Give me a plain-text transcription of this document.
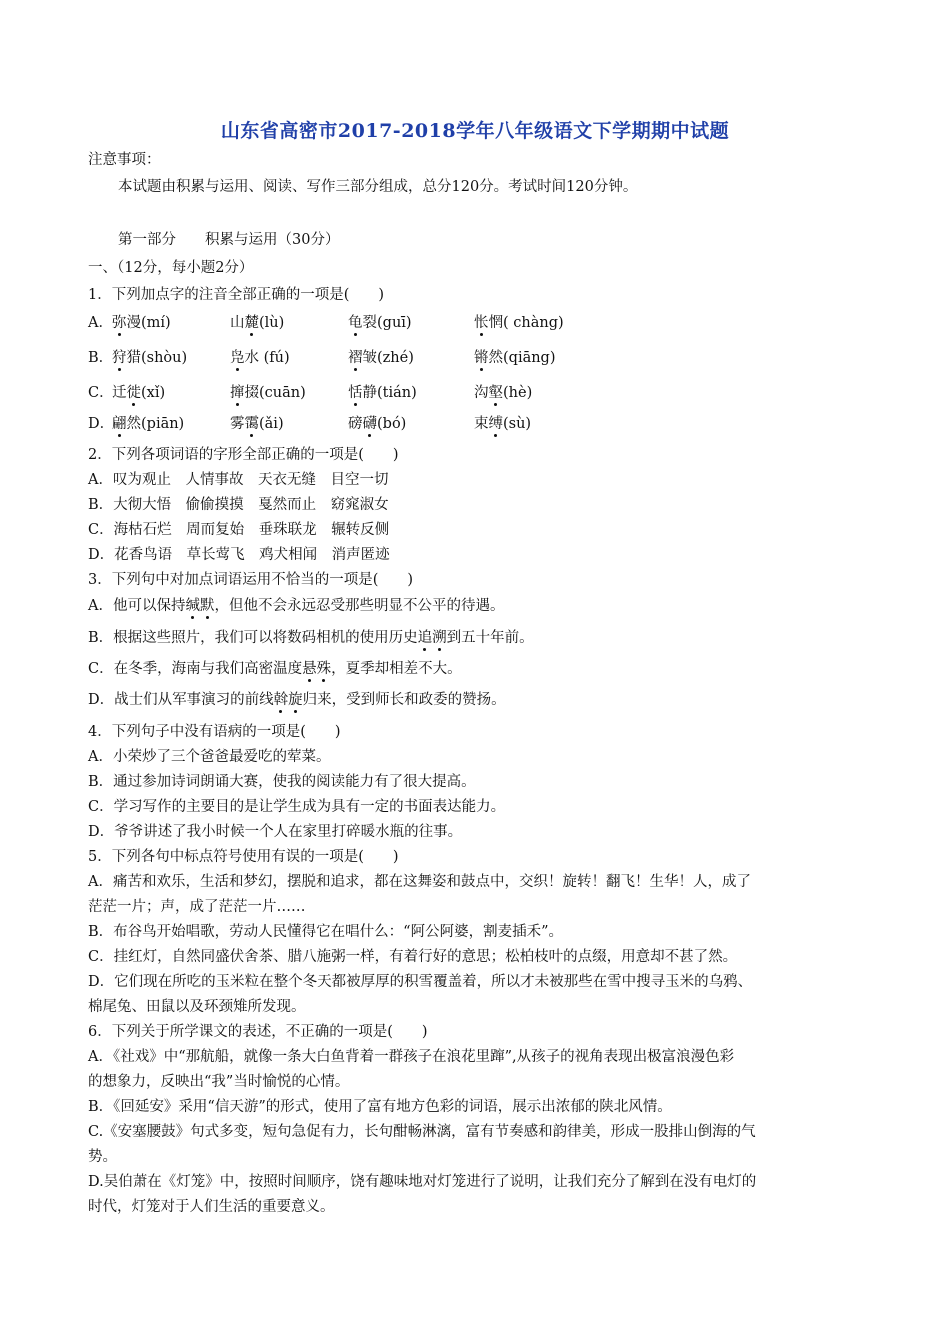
山东省高密市2017-2018学年八年级语文下学期期中试题
注意事项：
本试题由积累与运用、阅读、写作三部分组成，总分120分。考试时间120分钟。
第一部分　　积累与运用（30分）
一、（12分，每小题2分）
1．下列加点字的注音全部正确的一项是(　　)
A． 弥漫(mí)	山麓(lù)	龟裂(guī)	怅惘( chàng)
B．
狩猎(shòu)	凫水 (fú)	褶皱(zhé)	锵然(qiāng)
C．
迁徙(xǐ)	撺掇(cuān)	恬静(tián)	沟壑(hè)
D．
翩然(piān)	雾霭(ǎi)	磅礴(bó)	束缚(sù)
2．下列各项词语的字形全部正确的一项是(　　)
A．叹为观止　人情事故　天衣无缝　目空一切
B．大彻大悟　偷偷摸摸　戛然而止　窈窕淑女
C．海枯石烂　周而复始　垂珠联龙　辗转反侧
D．花香鸟语　草长莺飞　鸡犬相闻　消声匿迹
3．下列句中对加点词语运用不恰当的一项是(　　)
A．他可以保持缄默，但他不会永远忍受那些明显不公平的待遇。
B．根据这些照片，我们可以将数码相机的使用历史追溯到五十年前。
C．在冬季，海南与我们高密温度悬殊，夏季却相差不大。
D．战士们从军事演习的前线斡旋归来，受到师长和政委的赞扬。
4．下列句子中没有语病的一项是(　　)
A．小荣炒了三个爸爸最爱吃的荤菜。
B．通过参加诗词朗诵大赛，使我的阅读能力有了很大提高。
C．学习写作的主要目的是让学生成为具有一定的书面表达能力。
D．爷爷讲述了我小时候一个人在家里打碎暖水瓶的往事。
5．下列各句中标点符号使用有误的一项是(　　)
A．痛苦和欢乐，生活和梦幻，摆脱和追求，都在这舞姿和鼓点中，交织！旋转！翻飞！生华！人，成了
茫茫一片；声，成了茫茫一片……
B．布谷鸟开始唱歌，劳动人民懂得它在唱什么：“阿公阿婆，割麦插禾”。
C．挂红灯，自然同盛伏舍茶、腊八施粥一样，有着行好的意思；松柏枝叶的点缀，用意却不甚了然。
D．它们现在所吃的玉米粒在整个冬天都被厚厚的积雪覆盖着，所以才未被那些在雪中搜寻玉米的乌鸦、
棉尾兔、田鼠以及环颈雉所发现。
6．下列关于所学课文的表述，不正确的一项是(　　)
A．《社戏》中“那航船，就像一条大白鱼背着一群孩子在浪花里蹿”,从孩子的视角表现出极富浪漫色彩
的想象力，反映出“我”当时愉悦的心情。
B．《回延安》采用“信天游”的形式，使用了富有地方色彩的词语，展示出浓郁的陕北风情。
C.《安塞腰鼓》句式多变，短句急促有力，长句酣畅淋漓，富有节奏感和韵律美，形成一股排山倒海的气
势。
D.吴伯萧在《灯笼》中，按照时间顺序，饶有趣味地对灯笼进行了说明，让我们充分了解到在没有电灯的
时代，灯笼对于人们生活的重要意义。
